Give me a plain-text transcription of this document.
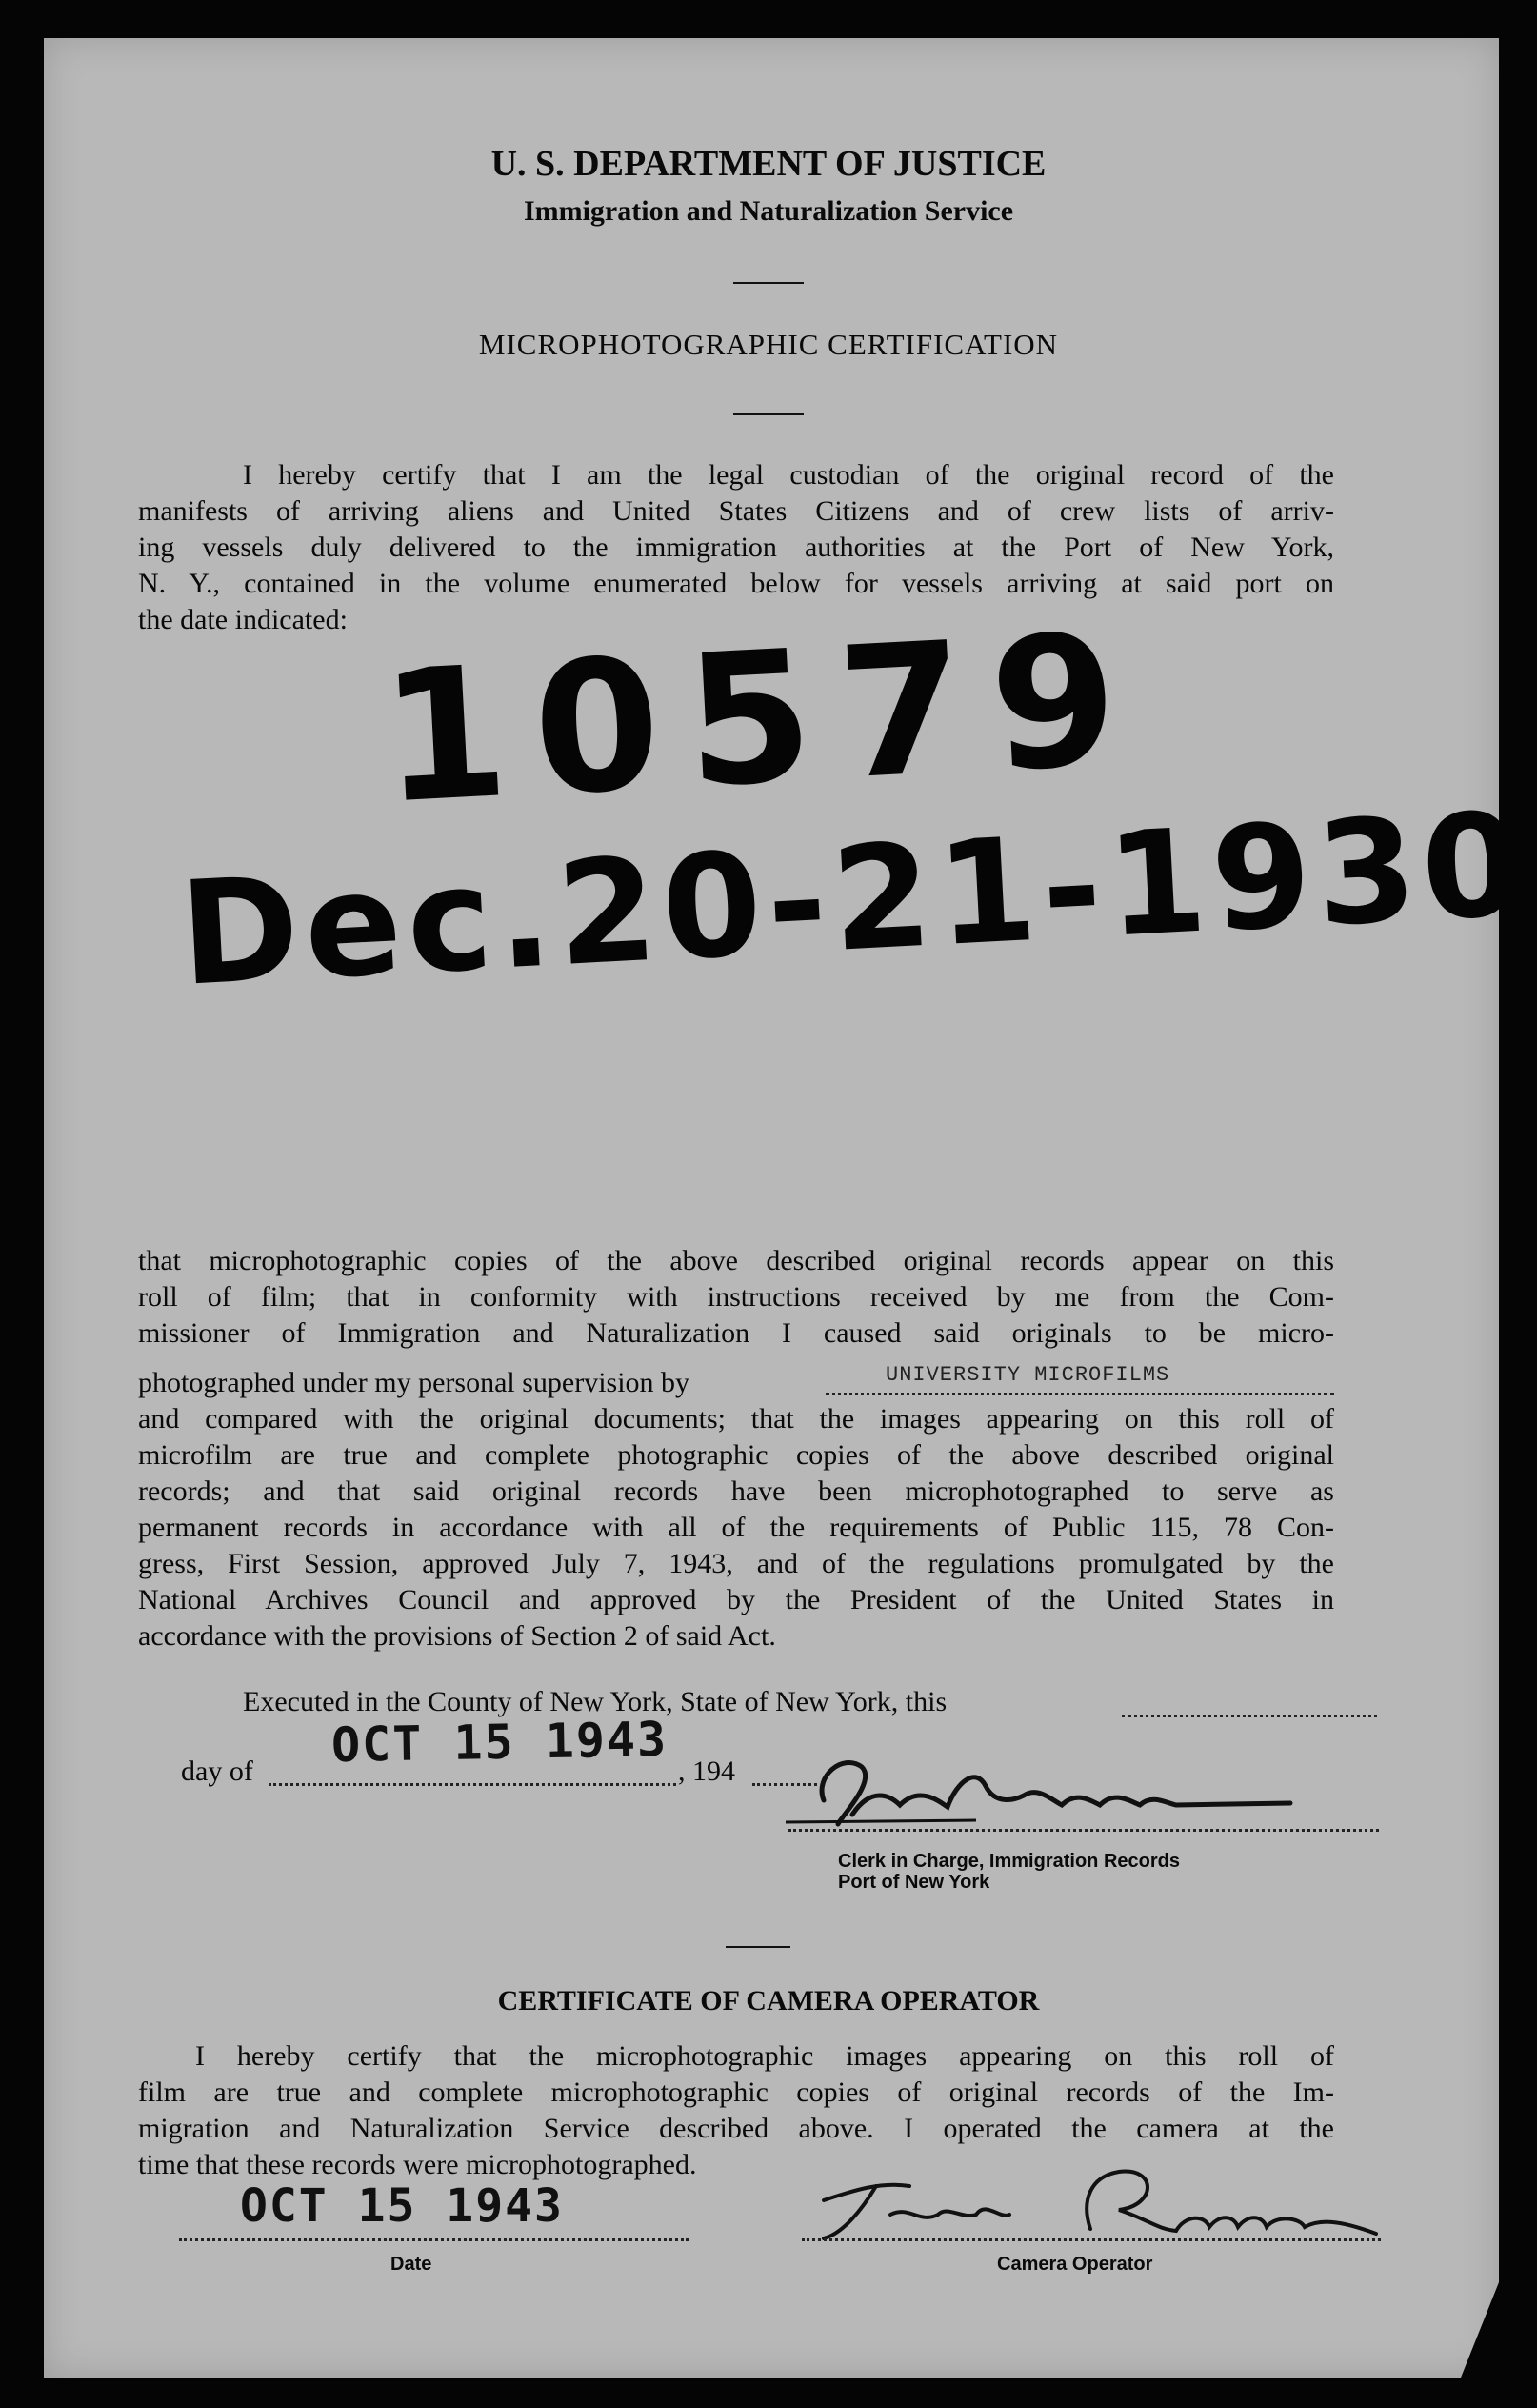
U. S. DEPARTMENT OF JUSTICE
Immigration and Naturalization Service
MICROPHOTOGRAPHIC CERTIFICATION
I hereby certify that I am the legal custodian of the original record of the
manifests of arriving aliens and United States Citizens and of crew lists of arriv-
ing vessels duly delivered to the immigration authorities at the Port of New York,
N. Y., contained in the volume enumerated below for vessels arriving at said port on
the date indicated: 10579
Dec.20-21-1930
that microphotographic copies of the above described original records appear on this
roll of film; that in conformity with instructions received by me from the Com-
missioner of Immigration and Naturalization I caused said originals to be micro-
photographed under my personal supervision by	UNIVERSITY MICROFILMS
and compared with the original documents; that the images appearing on this roll of
microfilm are true and complete photographic copies of the above described original
records; and that said original records have been microphotographed to serve as
permanent records in accordance with all of the requirements of Public 115, 78 Con-
gress, First Session, approved July 7, 1943, and of the regulations promulgated by the
National Archives Council and approved by the President of the United States in
accordance with the provisions of Section 2 of said Act.
Executed in the County of New York, State of New York, this
day of OCT 15 1943 , 194
Clerk in Charge, Immigration Records
Port of New York
CERTIFICATE OF CAMERA OPERATOR
I hereby certify that the microphotographic images appearing on this roll of
film are true and complete microphotographic copies of original records of the Im-
migration and Naturalization Service described above. I operated the camera at the
time that these records were microphotographed.
OCT 15 1943
Date	Camera Operator
